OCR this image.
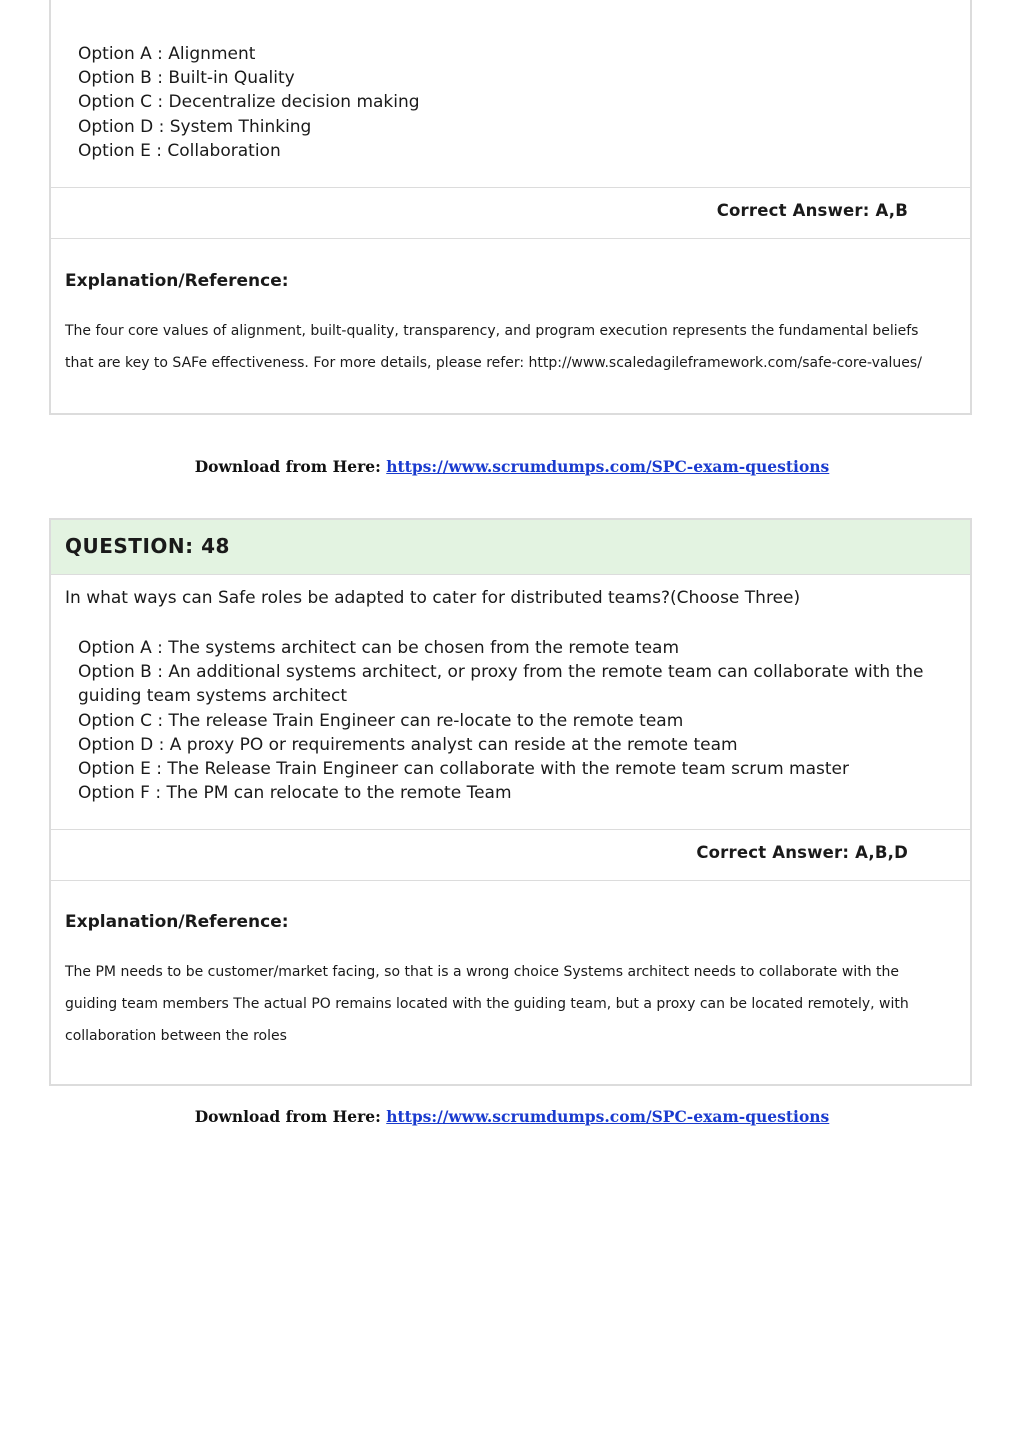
Option A : Alignment
Option B : Built-in Quality
Option C : Decentralize decision making
Option D : System Thinking
Option E : Collaboration
Correct Answer: A,B
Explanation/Reference:
The four core values of alignment, built-quality, transparency, and program execution represents the fundamental beliefs that are key to SAFe effectiveness. For more details, please refer: http://www.scaledagileframework.com/safe-core-values/
Download from Here: https://www.scrumdumps.com/SPC-exam-questions
QUESTION: 48
In what ways can Safe roles be adapted to cater for distributed teams?(Choose Three)
Option A : The systems architect can be chosen from the remote team
Option B : An additional systems architect, or proxy from the remote team can collaborate with the guiding team systems architect
Option C : The release Train Engineer can re-locate to the remote team
Option D : A proxy PO or requirements analyst can reside at the remote team
Option E : The Release Train Engineer can collaborate with the remote team scrum master
Option F : The PM can relocate to the remote Team
Correct Answer: A,B,D
Explanation/Reference:
The PM needs to be customer/market facing, so that is a wrong choice Systems architect needs to collaborate with the guiding team members The actual PO remains located with the guiding team, but a proxy can be located remotely, with collaboration between the roles
Download from Here: https://www.scrumdumps.com/SPC-exam-questions
